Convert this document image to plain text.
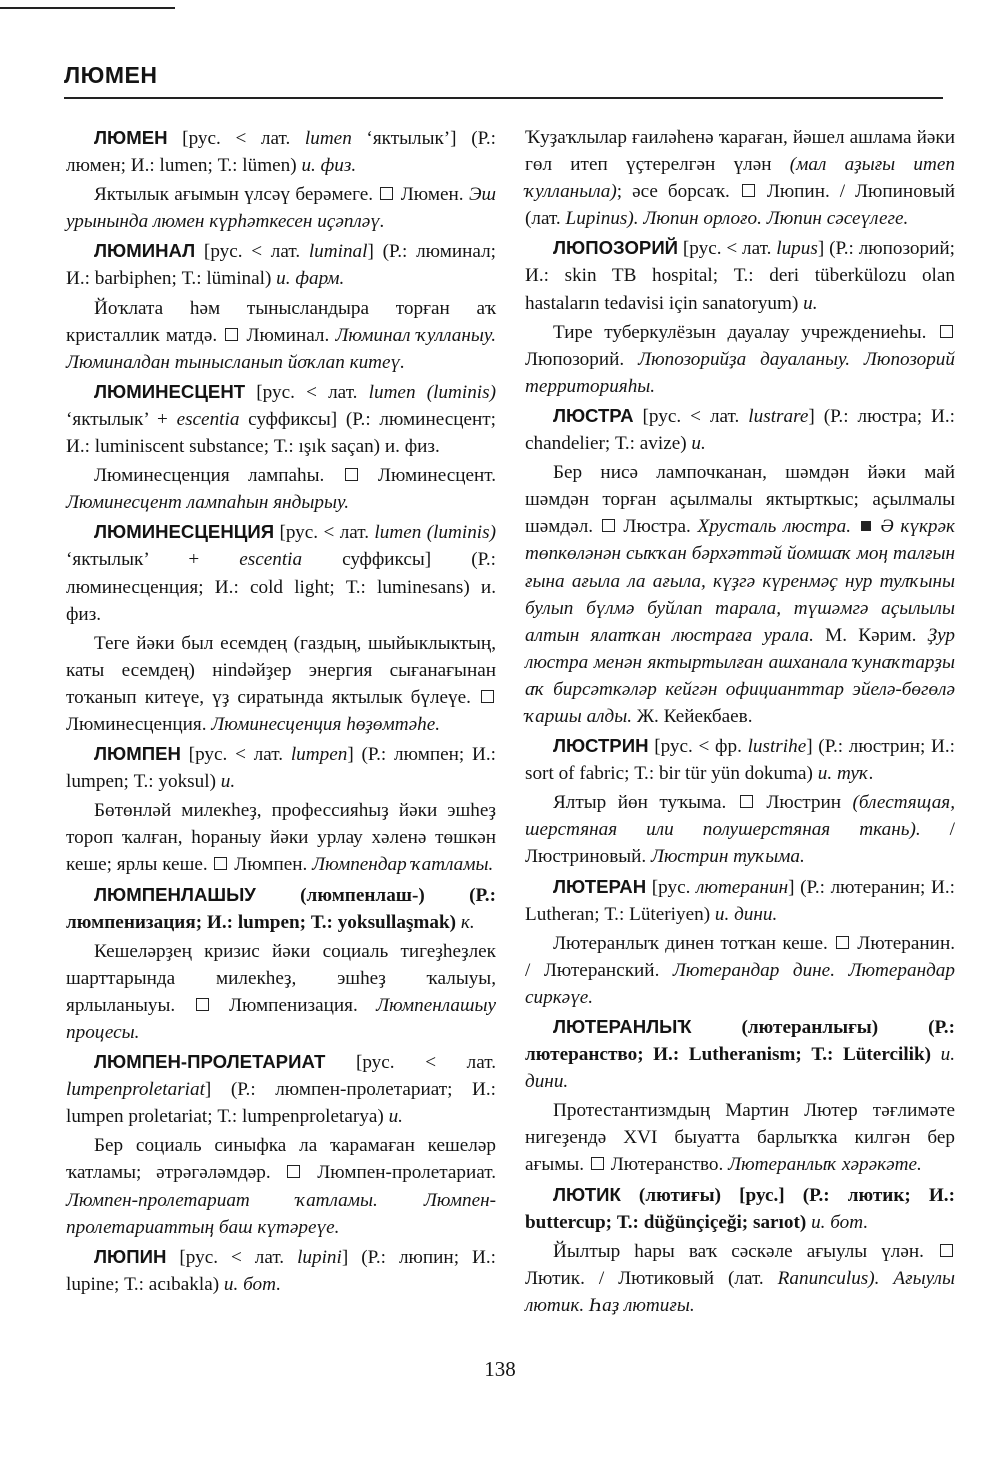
ЛЮМЕН

ЛЮМЕН [рус. < лат. lumen ‘яктылык’] (Р.: люмен; И.: lumen; Т.: lümen) и. физ.

Яктылык ағымын үлсәү берәмеге.  Люмен. Эш урынында люмен күрһәткесен иҫәпләү.

ЛЮМИНАЛ [рус. < лат. luminal] (Р.: люминал; И.: barbiphen; Т.: lüminal) и. фарм.

Йоҡлата һәм тынысландыра торған аҡ кристаллик матдә.  Люминал. Люминал ҡулланыу. Люминалдан тынысланып йоҡлап китеү.

ЛЮМИНЕСЦЕНТ [рус. < лат. lumen (luminis) ‘яктылык’ + escentia суффиксы] (Р.: люминесцент; И.: luminiscent substance; Т.: ışık saçan) и. физ.

Люминесценция лампаһы.  Люминесцент. Люминесцент лампаһын яндырыу.

ЛЮМИНЕСЦЕНЦИЯ [рус. < лат. lumen (luminis) ‘яктылык’ + escentia суффиксы] (Р.: люминесценция; И.: cold light; Т.: luminesans) и. физ.

Теге йәки был есемдең (газдың, шыйыклыктың, каты есемдең) нindәйҙер энергия сығанағынан тоҡанып китеүе, үҙ сиратында яктылык бүлеүе.  Люминесценция. Люминесценция һөҙөмтәһе.

ЛЮМПЕН [рус. < лат. lumpen] (Р.: люмпен; И.: lumpen; Т.: yoksul) и.

Бөтөнләй милекһеҙ, профессияһыҙ йәки эшһеҙ тороп ҡалған, һораныу йәки урлау хәленә төшкән кеше; ярлы кеше.  Люмпен. Люмпендар ҡатламы.

ЛЮМПЕНЛАШЫУ (люмпенлаш-) (Р.: люмпенизация; И.: lumpen; Т.: yoksullaşmak) к.

Кешеләрҙең кризис йәки социаль тигеҙһеҙлек шарттарында милекһеҙ, эшһеҙ ҡалыуы, ярлыланыуы.  Люмпенизация. Люмпенлашыу процесы.

ЛЮМПЕН-ПРОЛЕТАРИАТ [рус. < лат. lumpenproletariat] (Р.: люмпен-пролетариат; И.: lumpen proletariat; Т.: lumpenproletarya) и.

Бер социаль синыфка ла ҡарамаған кешеләр ҡатламы; әтрәгәләмдәр.  Люмпен-пролетариат. Люмпен-пролетариат ҡатламы. Люмпен-пролетариаттың баш күтәреүе.

ЛЮПИН [рус. < лат. lupini] (Р.: люпин; И.: lupine; Т.: acıbakla) и. бот.

Ҡуҙаҡлылар ғаиләһенә ҡараған, йәшел ашлама йәки гөл итеп үҫтерелгән үлән (мал аҙығы итеп ҡулланыла); әсе борсаҡ.  Люпин. / Люпиновый (лат. Lupinus). Люпин орлоғо. Люпин сәсеүлеге.

ЛЮПОЗОРИЙ [рус. < лат. lupus] (Р.: люпозорий; И.: skin TB hospital; Т.: deri tüberkülozu olan hastaların tedavisi için sanatoryum) и.

Тире туберкулёзын дауалау учреждениеһы.  Люпозорий. Люпозорийҙа дауаланыу. Люпозорий территорияһы.

ЛЮСТРА [рус. < лат. lustrare] (Р.: люстра; И.: chandelier; Т.: avize) и.

Бер нисә лампочканан, шәмдән йәки май шәмдән торған аҫылмалы яктырткыс; аҫылмалы шәмдәл.  Люстра. Хрусталь люстра.  Ә күкрәк төпкөләнән сыҡҡан бәрхәттәй йомшаҡ моң талғын ғына ағыла ла ағыла, күҙгә күренмәҫ нур тулҡыны булып бүлмә буйлап тарала, түшәмгә аҫылылы алтын ялатҡан люстраға урала. М. Кәрим. Ҙур люстра менән яктыртылған ашханала ҡунаҡтарҙы аҡ бирсәткәләр кейгән официанттар эйелә-бөгөлә ҡаршы алды. Ж. Кейекбаев.

ЛЮСТРИН [рус. < фр. lustrihe] (Р.: люстрин; И.: sort of fabric; Т.: bir tür yün dokuma) и. туҡ.

Ялтыр йөн туҡыма.  Люстрин (блестящая, шерстяная или полушерстяная ткань). / Люстриновый. Люстрин туҡыма.

ЛЮТЕРАН [рус. лютеранин] (Р.: лютеранин; И.: Lutheran; Т.: Lüteriyen) и. дини.

Лютеранлыҡ динен тотҡан кеше.  Лютеранин. / Лютеранский. Лютерандар дине. Лютерандар сиркәүе.

ЛЮТЕРАНЛЫҠ (лютеранлығы) (Р.: лютеранство; И.: Lutheranism; Т.: Lütercilik) и. дини.

Протестантизмдың Мартин Лютер тәғлимәте нигеҙендә XVI быуатта барлыҡҡа килгән бер ағымы.  Лютеранство. Лютеранлыҡ хәрәкәте.

ЛЮТИК (лютиғы) [рус.] (Р.: лютик; И.: buttercup; Т.: düğünçiçeği; sarıot) и. бот.

Йылтыр һары ваҡ сәскәле ағыулы үлән.  Лютик. / Лютиковый (лат. Ranunculus). Ағыулы лютик. Һаҙ лютиғы.

138
